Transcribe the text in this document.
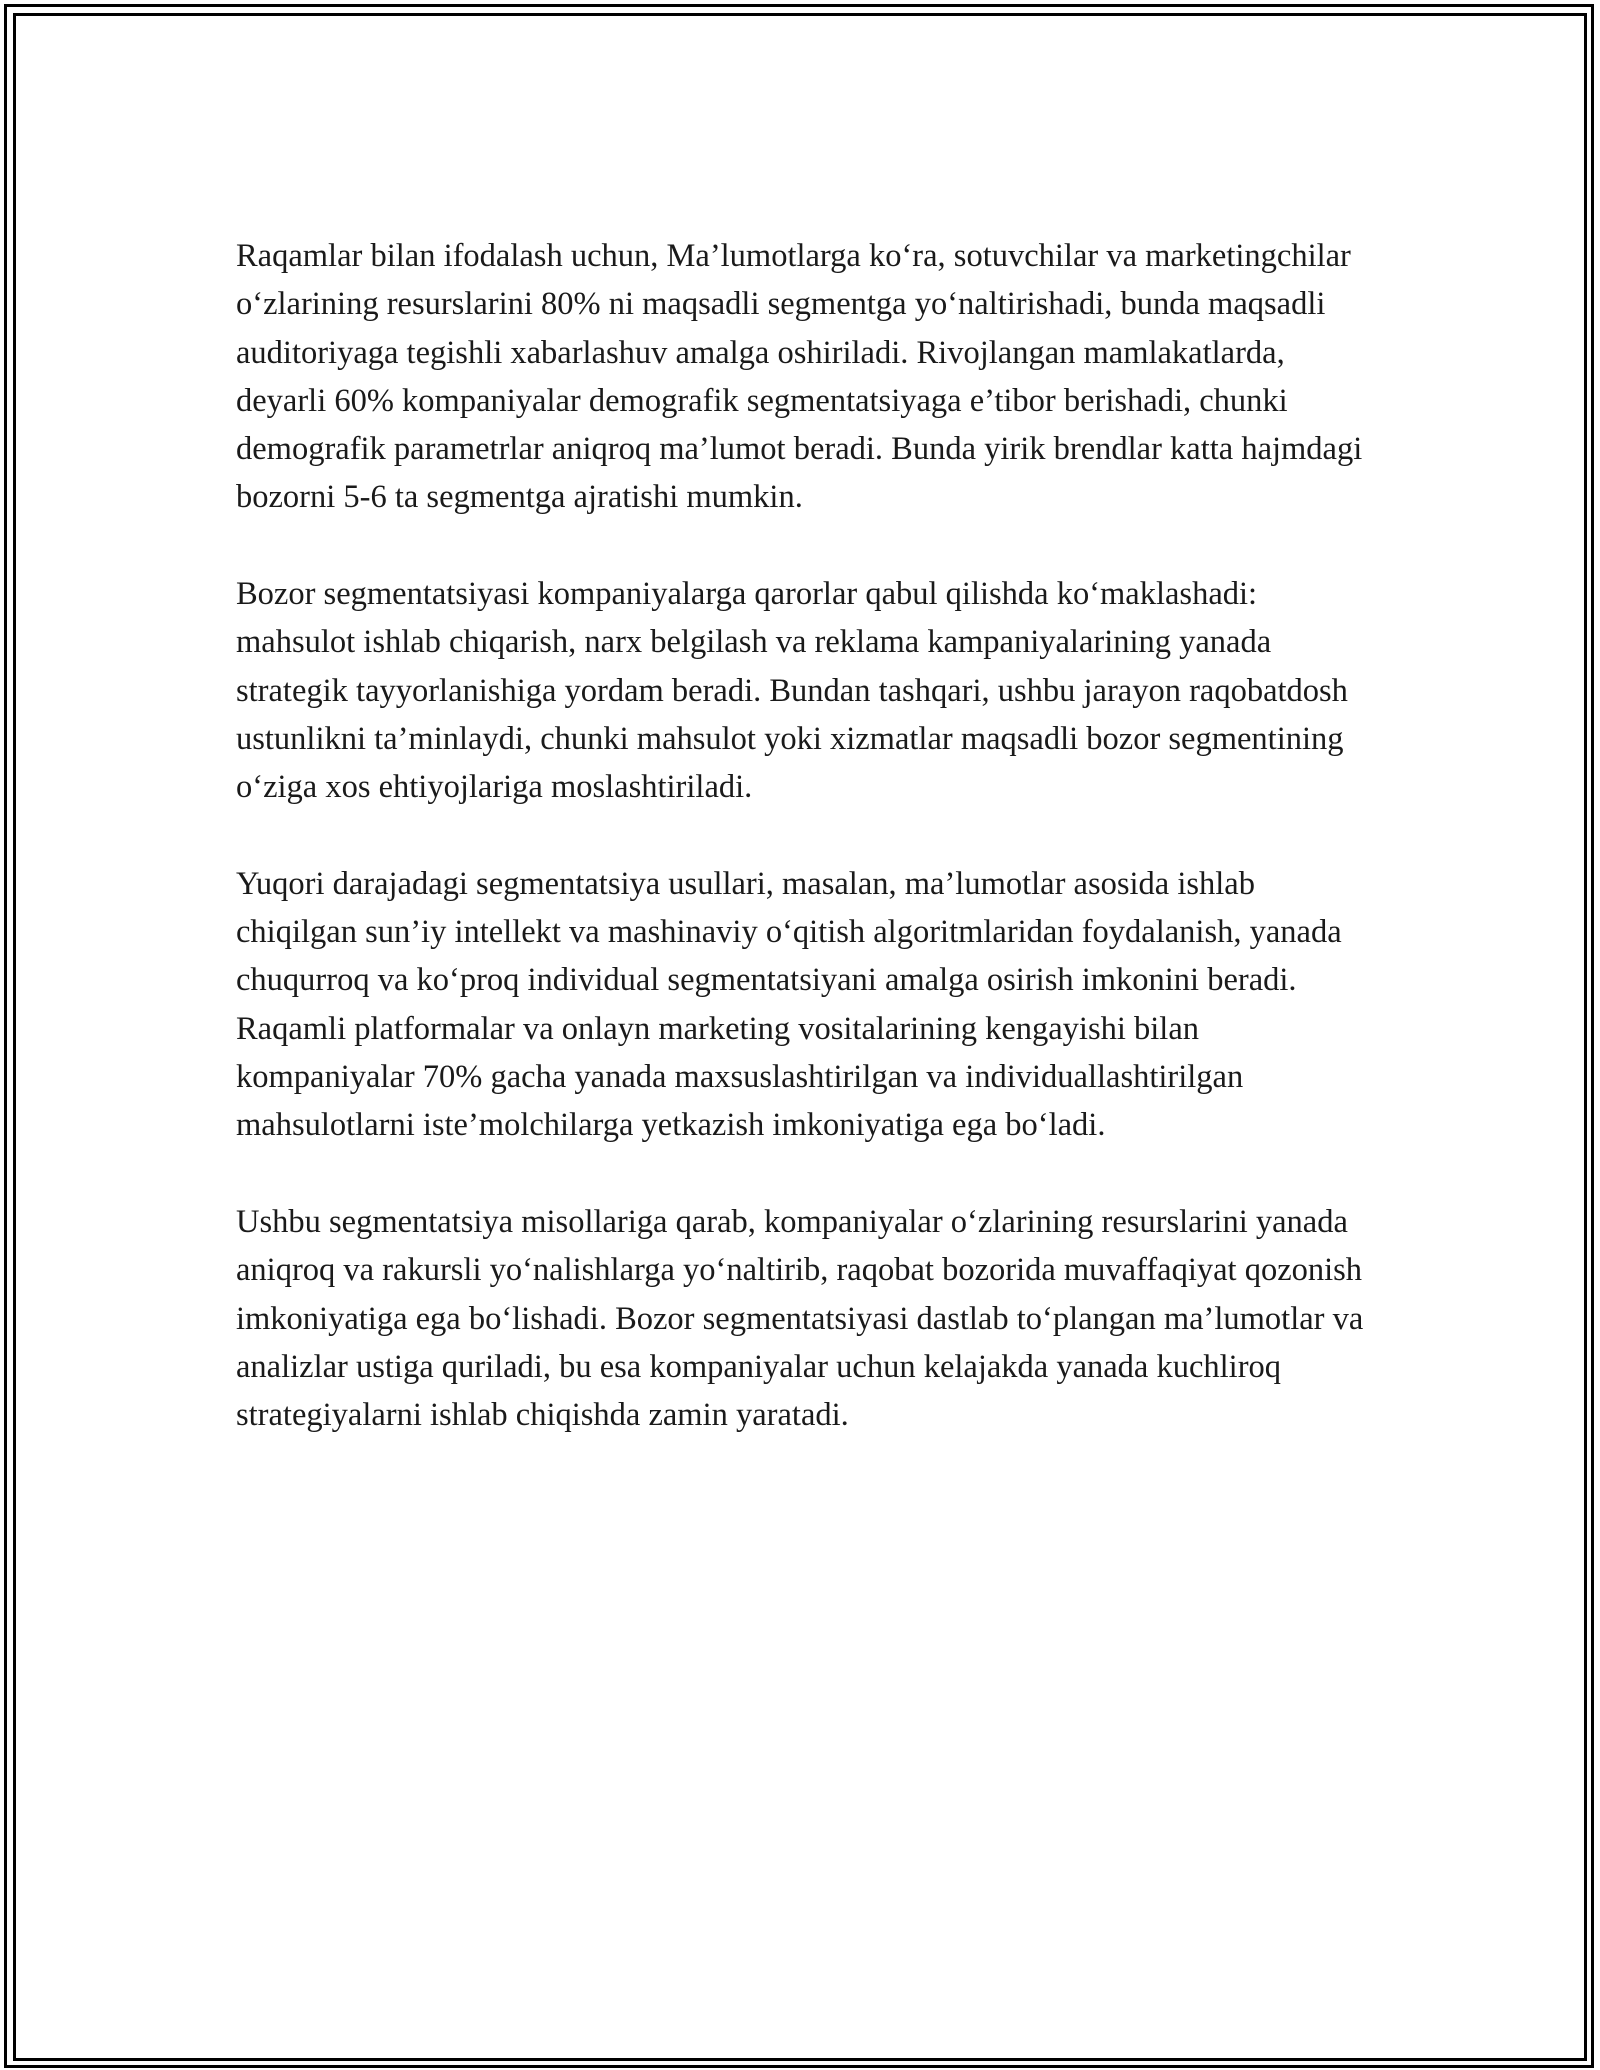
Raqamlar bilan ifodalash uchun, Ma’lumotlarga ko‘ra, sotuvchilar va marketingchilar o‘zlarining resurslarini 80% ni maqsadli segmentga yo‘naltirishadi, bunda maqsadli auditoriyaga tegishli xabarlashuv amalga oshiriladi. Rivojlangan mamlakatlarda, deyarli 60% kompaniyalar demografik segmentatsiyaga e’tibor berishadi, chunki demografik parametrlar aniqroq ma’lumot beradi. Bunda yirik brendlar katta hajmdagi bozorni 5-6 ta segmentga ajratishi mumkin.

Bozor segmentatsiyasi kompaniyalarga qarorlar qabul qilishda ko‘maklashadi: mahsulot ishlab chiqarish, narx belgilash va reklama kampaniyalarining yanada strategik tayyorlanishiga yordam beradi. Bundan tashqari, ushbu jarayon raqobatdosh ustunlikni ta’minlaydi, chunki mahsulot yoki xizmatlar maqsadli bozor segmentining o‘ziga xos ehtiyojlariga moslashtiriladi.

Yuqori darajadagi segmentatsiya usullari, masalan, ma’lumotlar asosida ishlab chiqilgan sun’iy intellekt va mashinaviy o‘qitish algoritmlaridan foydalanish, yanada chuqurroq va ko‘proq individual segmentatsiyani amalga osirish imkonini beradi. Raqamli platformalar va onlayn marketing vositalarining kengayishi bilan kompaniyalar 70% gacha yanada maxsuslashtirilgan va individuallashtirilgan mahsulotlarni iste’molchilarga yetkazish imkoniyatiga ega bo‘ladi.

Ushbu segmentatsiya misollariga qarab, kompaniyalar o‘zlarining resurslarini yanada aniqroq va rakursli yo‘nalishlarga yo‘naltirib, raqobat bozorida muvaffaqiyat qozonish imkoniyatiga ega bo‘lishadi. Bozor segmentatsiyasi dastlab to‘plangan ma’lumotlar va analizlar ustiga quriladi, bu esa kompaniyalar uchun kelajakda yanada kuchliroq strategiyalarni ishlab chiqishda zamin yaratadi.
